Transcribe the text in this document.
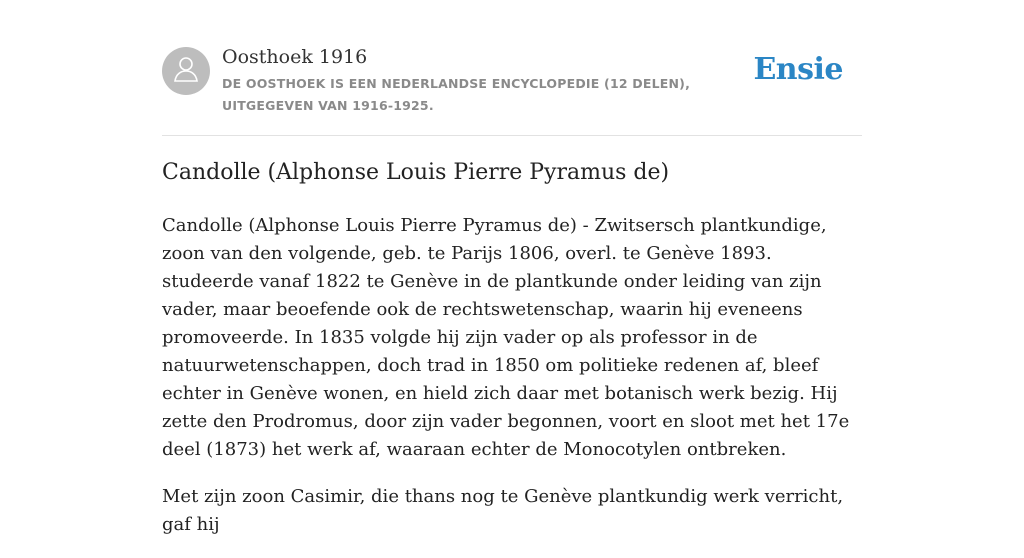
Oosthoek 1916
DE OOSTHOEK IS EEN NEDERLANDSE ENCYCLOPEDIE (12 DELEN), UITGEGEVEN VAN 1916-1925.
Ensie
Candolle (Alphonse Louis Pierre Pyramus de)

Candolle (Alphonse Louis Pierre Pyramus de) - Zwitsersch plantkundige, zoon van den volgende, geb. te Parijs 1806, overl. te Genève 1893. studeerde vanaf 1822 te Genève in de plantkunde onder leiding van zijn vader, maar beoefende ook de rechtswetenschap, waarin hij eveneens promoveerde. In 1835 volgde hij zijn vader op als professor in de natuurwetenschappen, doch trad in 1850 om politieke redenen af, bleef echter in Genève wonen, en hield zich daar met botanisch werk bezig. Hij zette den Prodromus, door zijn vader begonnen, voort en sloot met het 17e deel (1873) het werk af, waaraan echter de Monocotylen ontbreken.

Met zijn zoon Casimir, die thans nog te Genève plantkundig werk verricht, gaf hij
